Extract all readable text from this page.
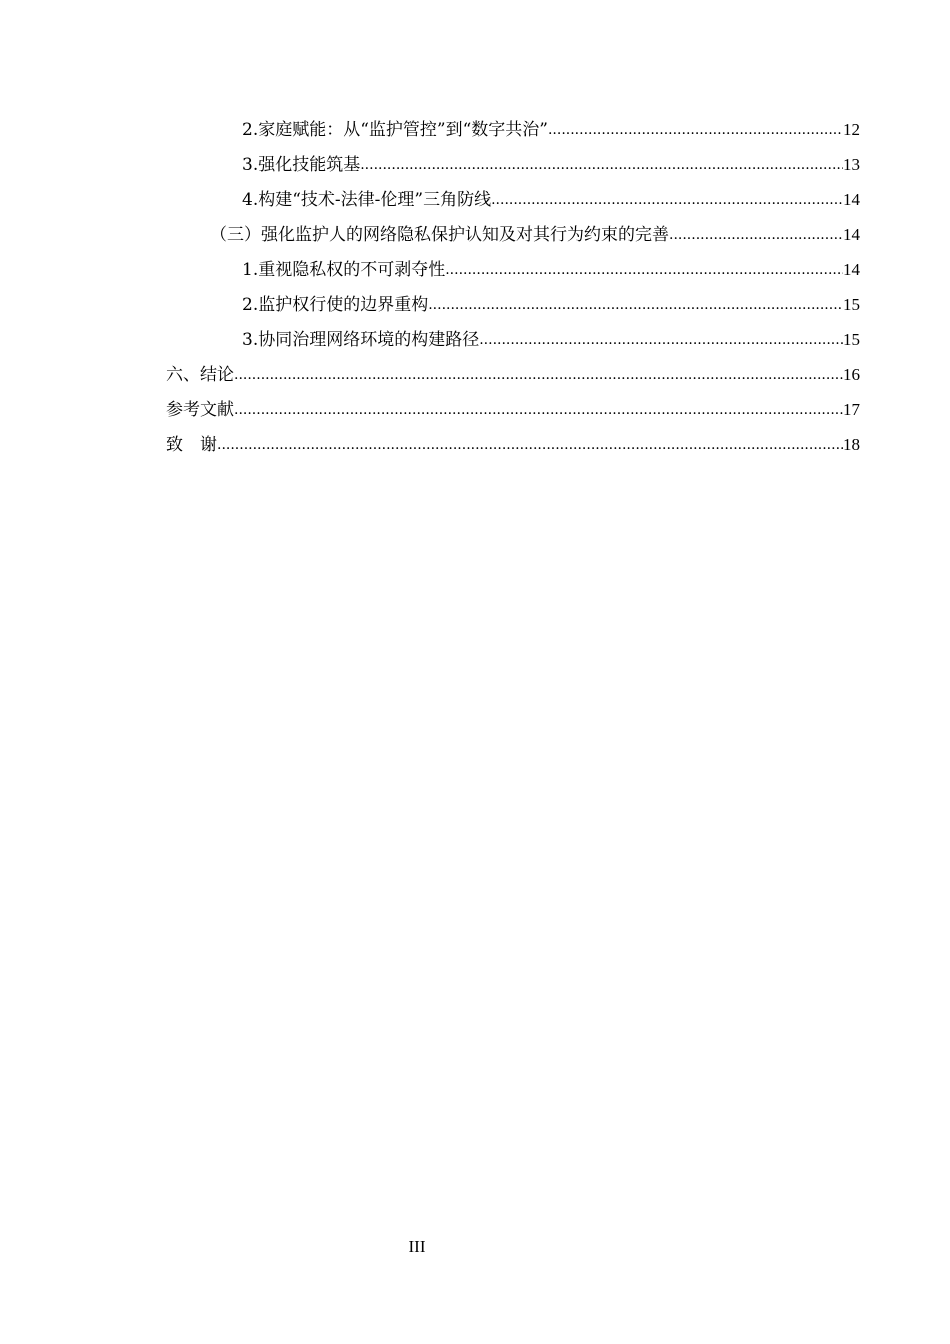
2.家庭赋能：从“监护管控”到“数字共治” .....	12
3.强化技能筑基 .....	13
4.构建“技术-法律-伦理”三角防线 .....	14
（三）强化监护人的网络隐私保护认知及对其行为约束的完善 .....	14
1.重视隐私权的不可剥夺性 .....	14
2.监护权行使的边界重构 .....	15
3.协同治理网络环境的构建路径 .....	15
六、结论 .....	16
参考文献 .....	17
致　谢 .....	18
III
